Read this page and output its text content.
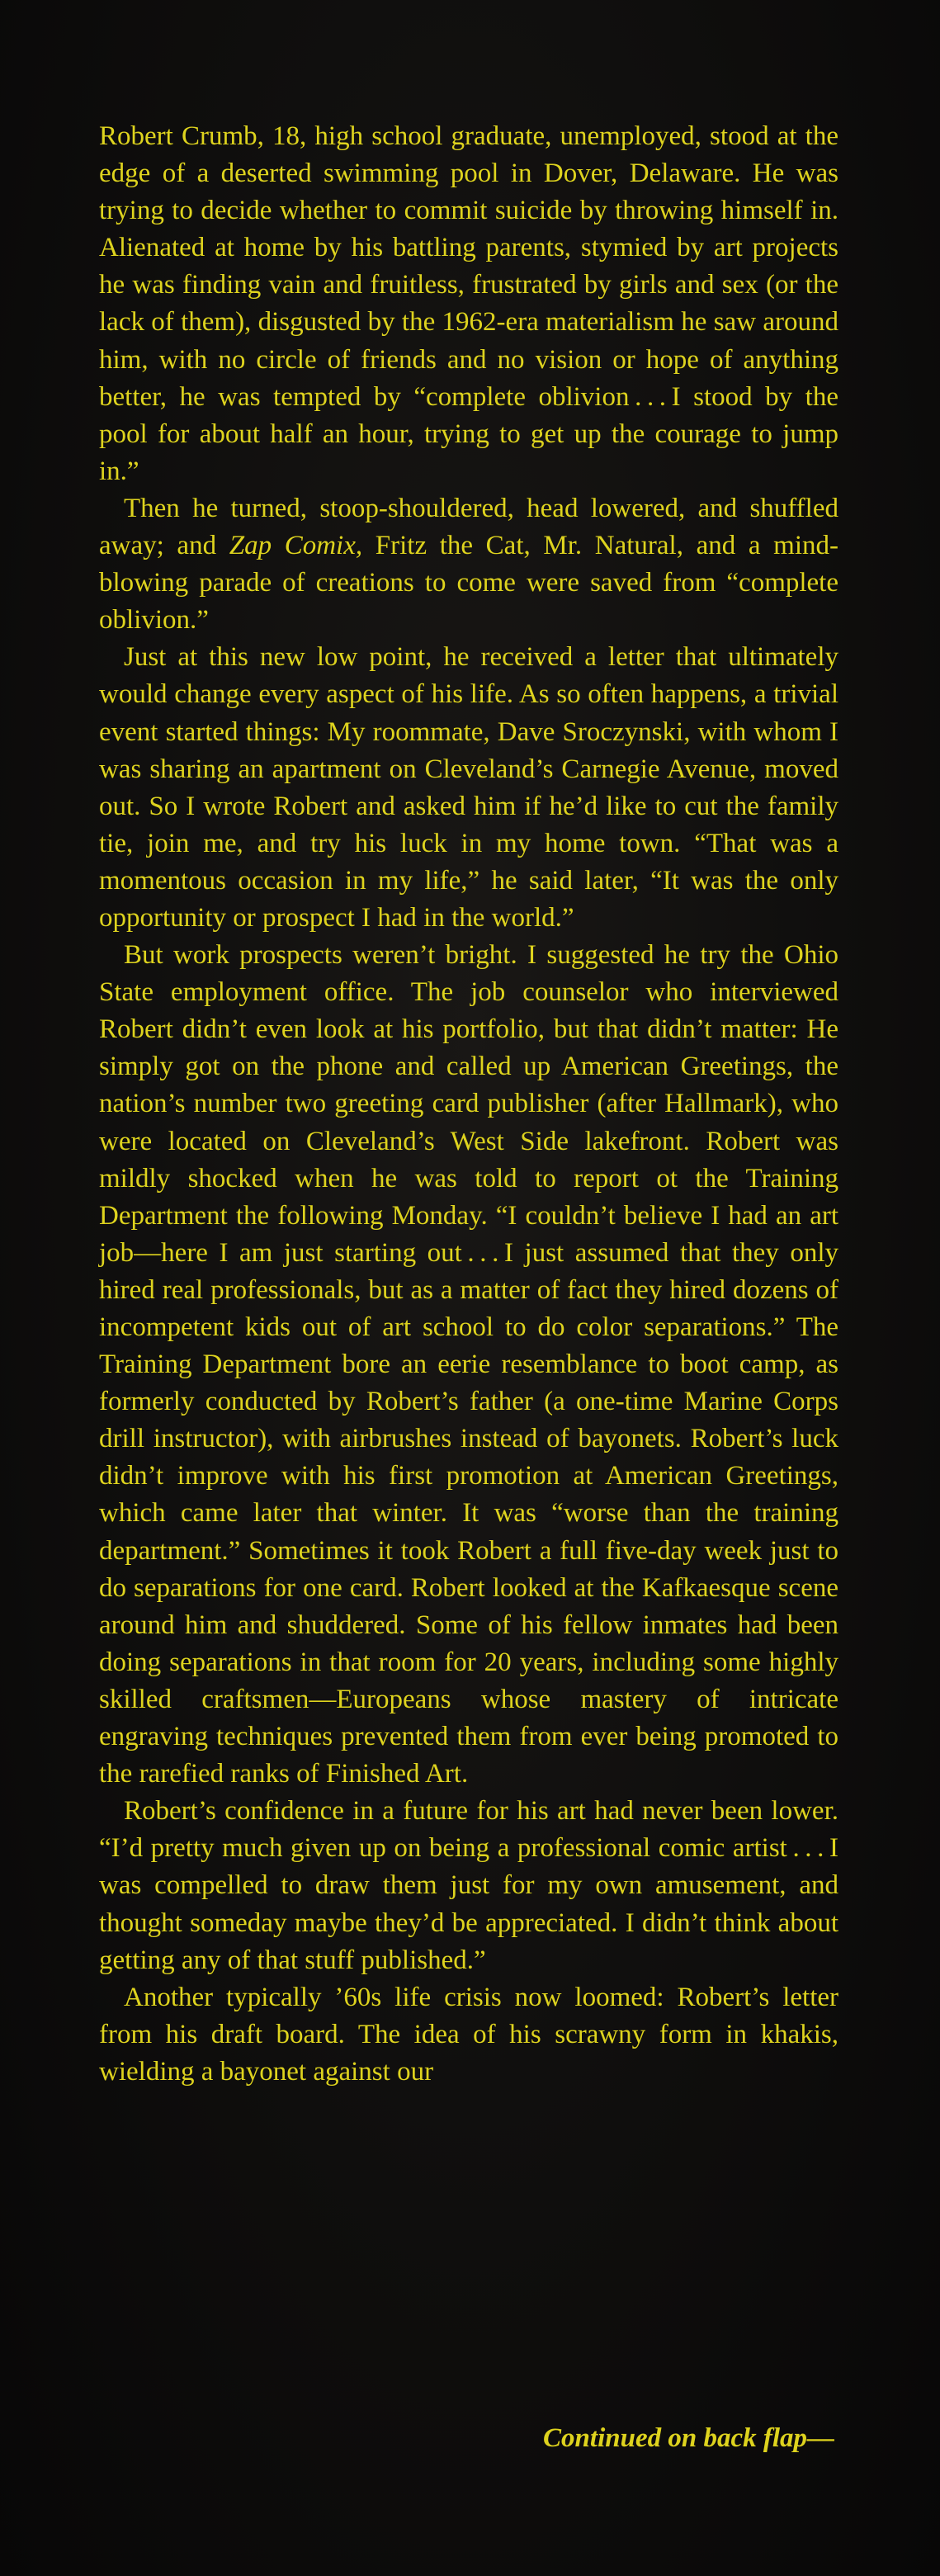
Robert Crumb, 18, high school graduate, unemployed, stood at the edge of a deserted swimming pool in Dover, Delaware. He was trying to decide whether to commit suicide by throwing himself in. Alienated at home by his battling parents, stymied by art projects he was finding vain and fruitless, frustrated by girls and sex (or the lack of them), disgusted by the 1962-era materialism he saw around him, with no circle of friends and no vision or hope of anything better, he was tempted by “complete oblivion . . . I stood by the pool for about half an hour, trying to get up the courage to jump in.”

Then he turned, stoop-shouldered, head lowered, and shuffled away; and Zap Comix, Fritz the Cat, Mr. Natural, and a mind-blowing parade of creations to come were saved from “complete oblivion.”

Just at this new low point, he received a letter that ultimately would change every aspect of his life. As so often happens, a trivial event started things: My roommate, Dave Sroczynski, with whom I was sharing an apartment on Cleveland’s Carnegie Avenue, moved out. So I wrote Robert and asked him if he’d like to cut the family tie, join me, and try his luck in my home town. “That was a momentous occasion in my life,” he said later, “It was the only opportunity or prospect I had in the world.”

But work prospects weren’t bright. I suggested he try the Ohio State employment office. The job counselor who interviewed Robert didn’t even look at his portfolio, but that didn’t matter: He simply got on the phone and called up American Greetings, the nation’s number two greeting card publisher (after Hallmark), who were located on Cleveland’s West Side lakefront. Robert was mildly shocked when he was told to report ot the Training Department the following Monday. “I couldn’t believe I had an art job—here I am just starting out . . . I just assumed that they only hired real professionals, but as a matter of fact they hired dozens of incompetent kids out of art school to do color separations.” The Training Department bore an eerie resemblance to boot camp, as formerly conducted by Robert’s father (a one-time Marine Corps drill instructor), with airbrushes instead of bayonets. Robert’s luck didn’t improve with his first promotion at American Greetings, which came later that winter. It was “worse than the training department.” Sometimes it took Robert a full five-day week just to do separations for one card. Robert looked at the Kafkaesque scene around him and shuddered. Some of his fellow inmates had been doing separations in that room for 20 years, including some highly skilled craftsmen—Europeans whose mastery of intricate engraving techniques prevented them from ever being promoted to the rarefied ranks of Finished Art.

Robert’s confidence in a future for his art had never been lower. “I’d pretty much given up on being a professional comic artist . . . I was compelled to draw them just for my own amusement, and thought someday maybe they’d be appreciated. I didn’t think about getting any of that stuff published.”

Another typically ’60s life crisis now loomed: Robert’s letter from his draft board. The idea of his scrawny form in khakis, wielding a bayonet against our

Continued on back flap—
